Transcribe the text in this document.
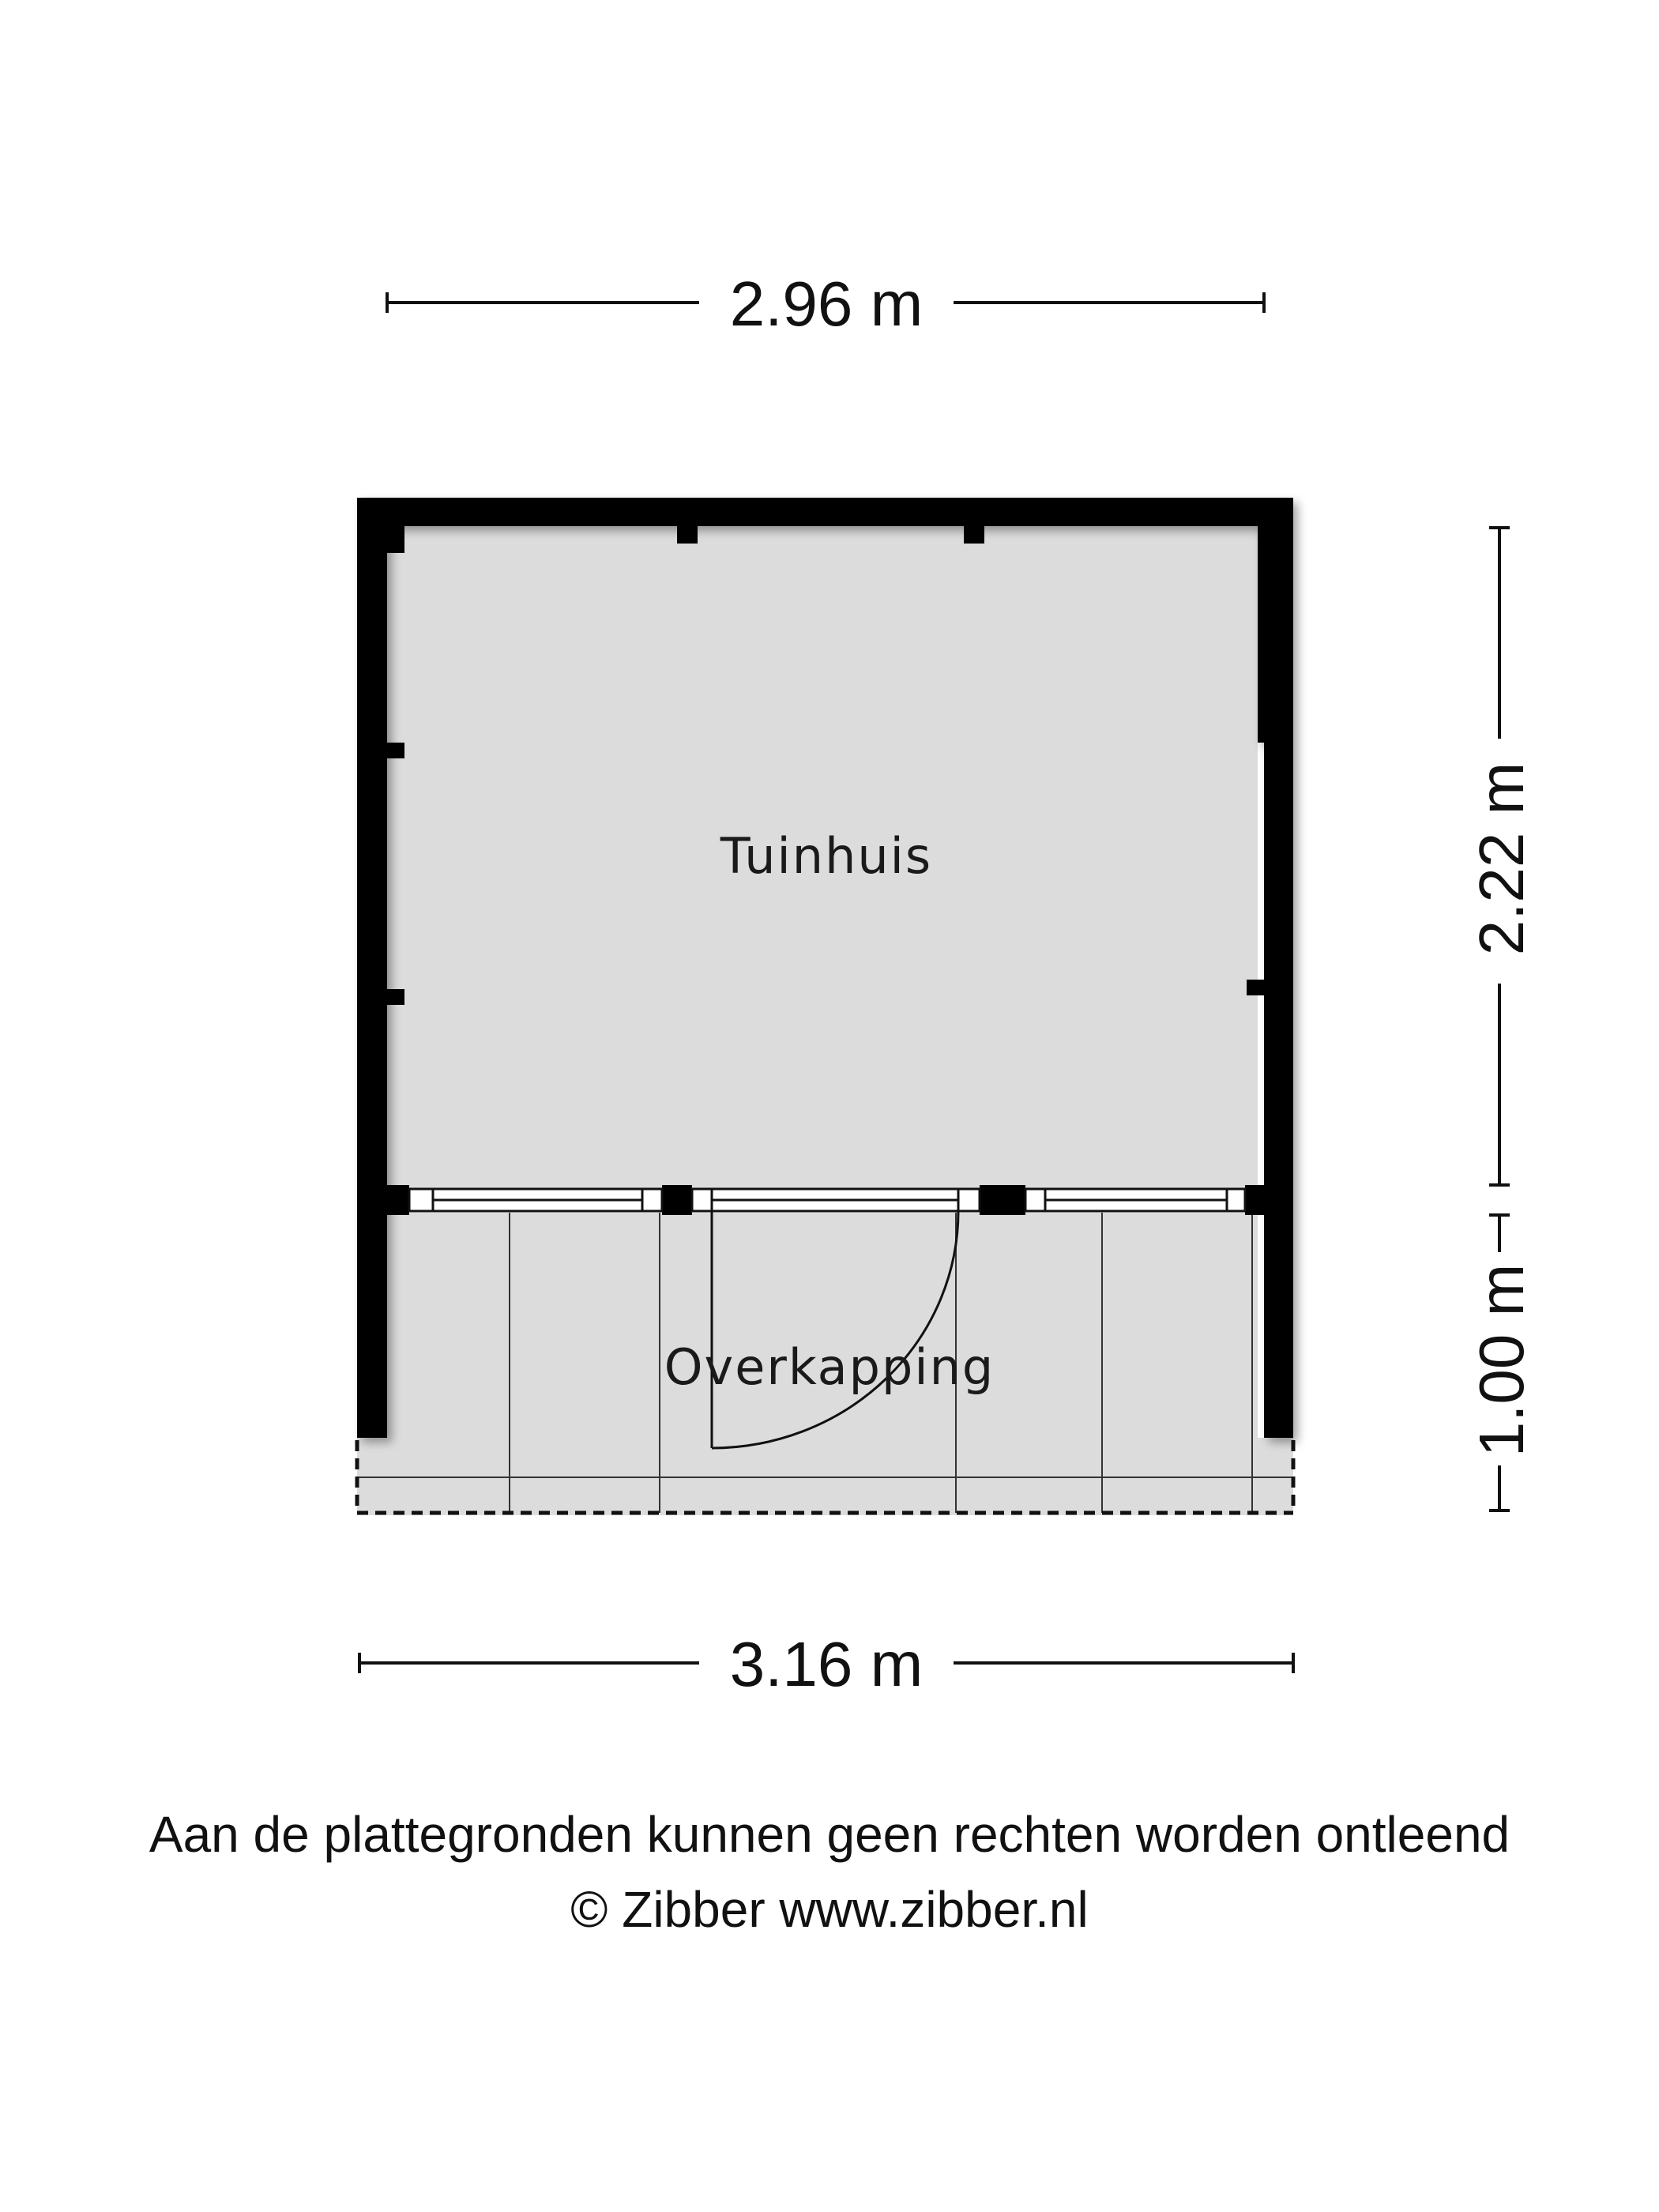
2.96 m
3.16 m
2.22 m
1.00 m
Tuinhuis
Overkapping
Aan de plattegronden kunnen geen rechten worden ontleend
© Zibber www.zibber.nl
